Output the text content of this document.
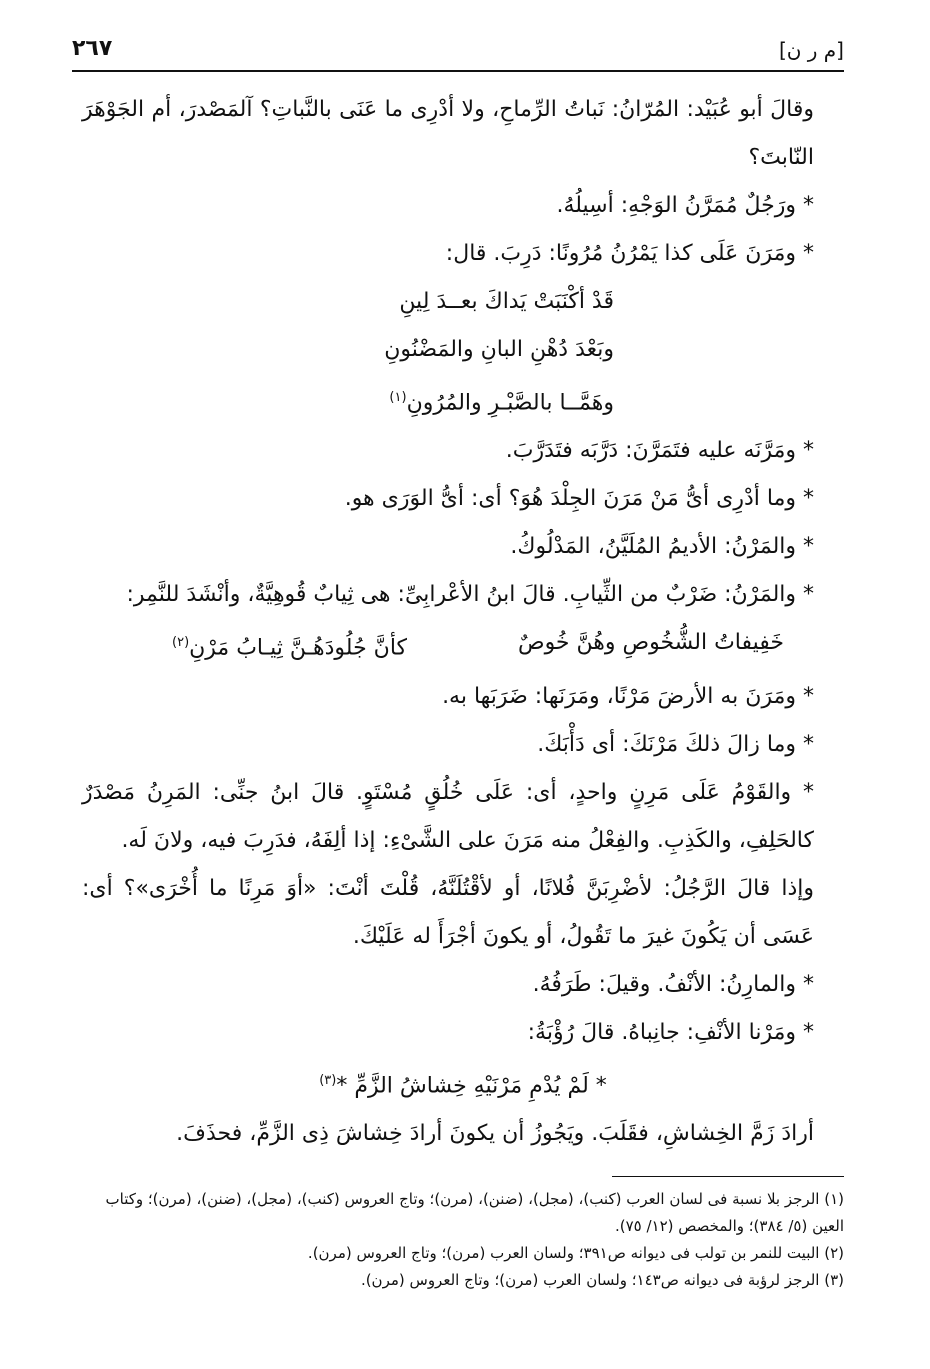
[م ر ن]
٢٦٧

وقالَ أبو عُبَيْد: المُرّانُ: نَباتُ الرِّماحِ، ولا أدْرِى ما عَنَى بالنَّباتِ؟ آلمَصْدرَ، أم الجَوْهَرَ النّابتَ؟

* ورَجُلٌ مُمَرَّنُ الوَجْهِ: أسِيلُهُ.

* ومَرَنَ عَلَى كذا يَمْرُنُ مُرُونًا: دَرِبَ. قال:

قَدْ أكْنَبَتْ يَداكَ بعــدَ لِينِ

وبَعْدَ دُهْنِ البانِ والمَضْنُونِ

وهَمَّــا بالصَّبْـرِ والمُرُونِ$^{(١)}$

* ومَرَّنَه عليه فتَمَرَّنَ: دَرَّبَه فتَدَرَّبَ.

* وما أدْرِى أىُّ مَنْ مَرَنَ الجِلْدَ هُوَ؟ أى: أىُّ الوَرَى هو.

* والمَرْنُ: الأديمُ المُلَيَّنُ، المَدْلُوكُ.

* والمَرْنُ: ضَرْبٌ من الثِّيابِ. قالَ ابنُ الأعْرابِىِّ: هى ثِيابٌ قُوهِيَّةٌ، وأنْشَدَ للنَّمِر:

خَفِيفاتُ الشُّخُوصِ وهُنَّ خُوصٌ
كأنَّ جُلُودَهُـنَّ ثِيـابُ مَرْنِ$^{(٢)}$

* ومَرَنَ به الأرضَ مَرْنًا، ومَرَنَها: ضَرَبَها به.

* وما زالَ ذلكَ مَرْنَكَ: أى دَأْبَكَ.

* والقَوْمُ عَلَى مَرِنٍ واحدٍ، أى: عَلَى خُلُقٍ مُسْتَوٍ. قالَ ابنُ جنِّى: المَرِنُ مَصْدَرٌ كالحَلِفِ، والكَذِبِ. والفِعْلُ منه مَرَنَ على الشَّىْءِ: إذا ألِفَهُ، فدَرِبَ فيه، ولانَ لَه.

وإذا قالَ الرَّجُلُ: لأضْرِبَنَّ فُلانًا، أو لأقْتُلَنَّهُ، قُلْتَ أنْتَ: «أوَ مَرِنًا ما أُخْرَى»؟ أى: عَسَى أن يَكُونَ غيرَ ما تَقُولُ، أو يكونَ أجْرَأَ له عَلَيْكَ.

* والمارِنُ: الأنْفُ. وقيلَ: طَرَفُهُ.

* ومَرْنا الأنْفِ: جانِباهُ. قالَ رُؤْبَةُ:

* لَمْ يُدْمِ مَرْنَيْهِ خِشاشُ الزَّمِّ *$^{(٣)}$

أرادَ زَمَّ الخِشاشِ، فقَلَبَ. ويَجُوزُ أن يكونَ أرادَ خِشاشَ ذِى الزَّمِّ، فحذَفَ.

(١) الرجز بلا نسبة فى لسان العرب (كنب)، (مجل)، (ضنن)، (مرن)؛ وتاج العروس (كنب)، (مجل)، (ضنن)، (مرن)؛ وكتاب العين (٥/ ٣٨٤)؛ والمخصص (١٢/ ٧٥).

(٢) البيت للنمر بن تولب فى ديوانه ص٣٩١؛ ولسان العرب (مرن)؛ وتاج العروس (مرن).

(٣) الرجز لرؤبة فى ديوانه ص١٤٣؛ ولسان العرب (مرن)؛ وتاج العروس (مرن).
